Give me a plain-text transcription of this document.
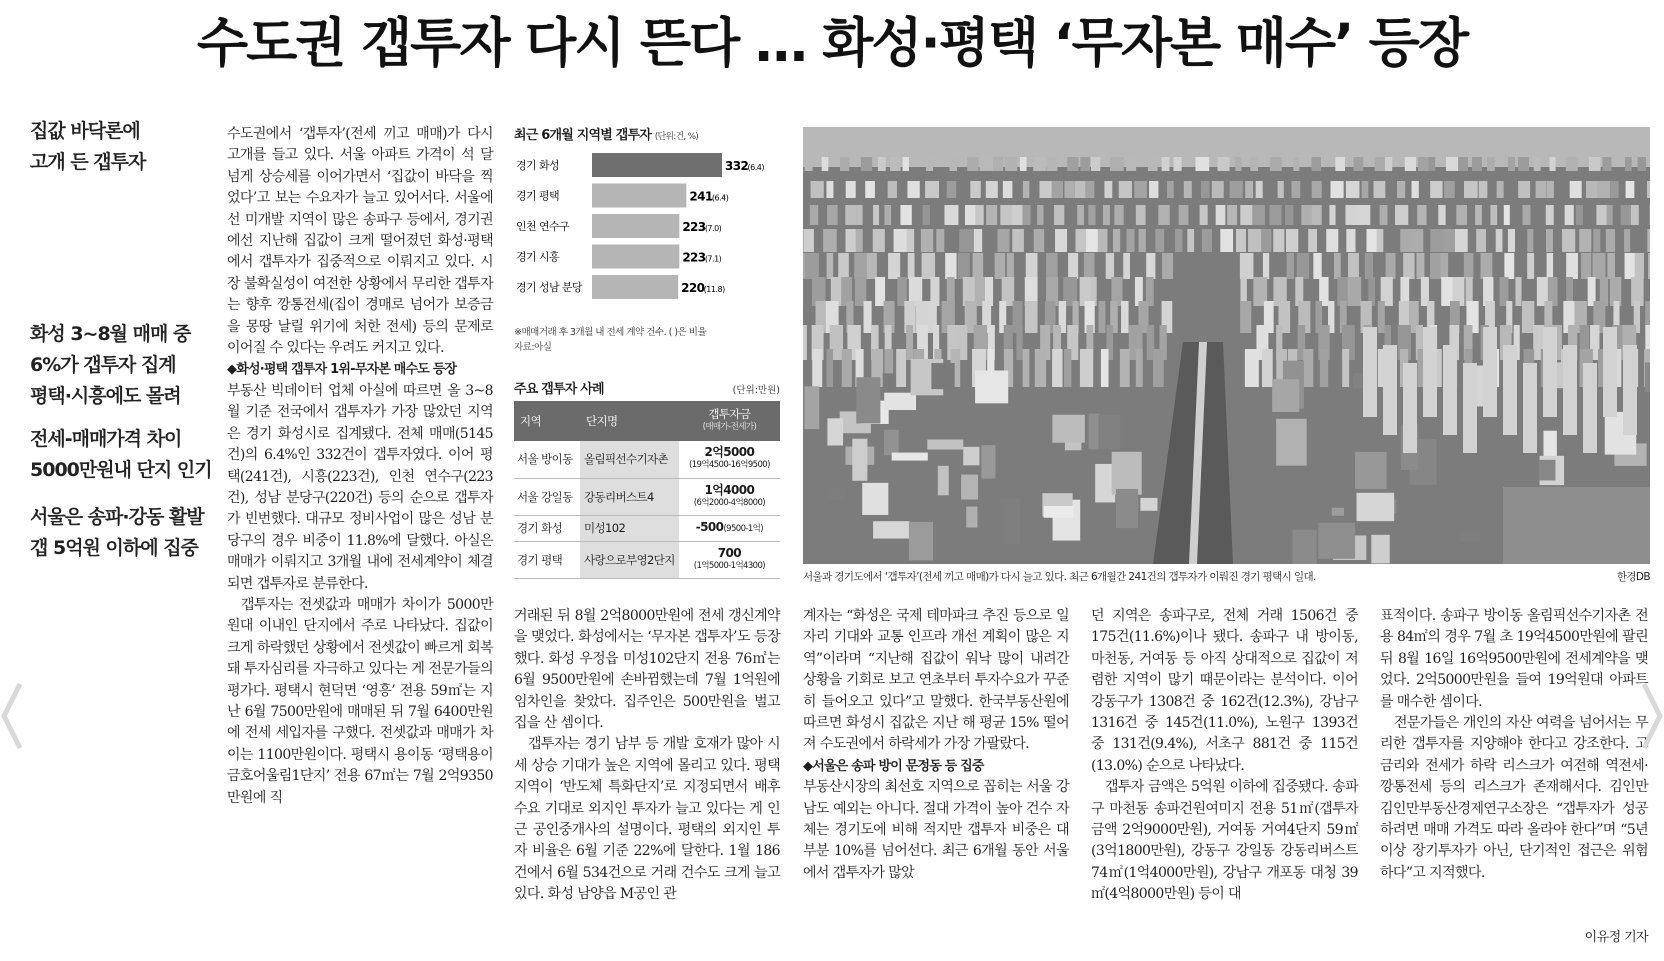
수도권 갭투자 다시 뜬다 … 화성·평택 ‘무자본 매수’ 등장
집값 바닥론에
고개 든 갭투자
화성 3~8월 매매 중
6%가 갭투자 집계
평택·시흥에도 몰려
전세-매매가격 차이
5000만원내 단지 인기
서울은 송파·강동 활발
갭 5억원 이하에 집중

수도권에서 ‘갭투자’(전세 끼고 매매)가 다시 고개를 들고 있다. 서울 아파트 가격이 석 달 넘게 상승세를 이어가면서 ‘집값이 바닥을 찍었다’고 보는 수요자가 늘고 있어서다. 서울에선 미개발 지역이 많은 송파구 등에서, 경기권에선 지난해 집값이 크게 떨어졌던 화성·평택에서 갭투자가 집중적으로 이뤄지고 있다. 시장 불확실성이 여전한 상황에서 무리한 갭투자는 향후 깡통전세(집이 경매로 넘어가 보증금을 몽땅 날릴 위기에 처한 전세) 등의 문제로 이어질 수 있다는 우려도 커지고 있다.

◆화성·평택 갭투자 1위-무자본 매수도 등장

부동산 빅데이터 업체 아실에 따르면 올 3~8월 기준 전국에서 갭투자가 가장 많았던 지역은 경기 화성시로 집계됐다. 전체 매매(5145건)의 6.4%인 332건이 갭투자였다. 이어 평택(241건), 시흥(223건), 인천 연수구(223건), 성남 분당구(220건) 등의 순으로 갭투자가 빈번했다. 대규모 정비사업이 많은 성남 분당구의 경우 비중이 11.8%에 달했다. 아실은 매매가 이뤄지고 3개월 내에 전세계약이 체결되면 갭투자로 분류한다.

갭투자는 전셋값과 매매가 차이가 5000만원대 이내인 단지에서 주로 나타났다. 집값이 크게 하락했던 상황에서 전셋값이 빠르게 회복돼 투자심리를 자극하고 있다는 게 전문가들의 평가다. 평택시 현덕면 ‘영흥’ 전용 59㎡는 지난 6월 7500만원에 매매된 뒤 7월 6400만원에 전세 세입자를 구했다. 전셋값과 매매가 차이는 1100만원이다. 평택시 용이동 ‘평택용이금호어울림1단지’ 전용 67㎡는 7월 2억9350만원에 직

거래된 뒤 8월 2억8000만원에 전세 갱신계약을 맺었다. 화성에서는 ‘무자본 갭투자’도 등장했다. 화성 우정읍 미성102단지 전용 76㎡는 6월 9500만원에 손바뀜했는데 7월 1억원에 임차인을 찾았다. 집주인은 500만원을 벌고 집을 산 셈이다.

갭투자는 경기 남부 등 개발 호재가 많아 시세 상승 기대가 높은 지역에 몰리고 있다. 평택 지역이 ‘반도체 특화단지’로 지정되면서 배후수요 기대로 외지인 투자가 늘고 있다는 게 인근 공인중개사의 설명이다. 평택의 외지인 투자 비율은 6월 기준 22%에 달한다. 1월 186건에서 6월 534건으로 거래 건수도 크게 늘고 있다. 화성 남양읍 M공인 관

계자는 “화성은 국제 테마파크 추진 등으로 일자리 기대와 교통 인프라 개선 계획이 많은 지역”이라며 “지난해 집값이 워낙 많이 내려간 상황을 기회로 보고 연초부터 투자수요가 꾸준히 들어오고 있다”고 말했다. 한국부동산원에 따르면 화성시 집값은 지난 해 평균 15% 떨어져 수도권에서 하락세가 가장 가팔랐다.

◆서울은 송파 방이 문정동 등 집중

부동산시장의 최선호 지역으로 꼽히는 서울 강남도 예외는 아니다. 절대 가격이 높아 건수 자체는 경기도에 비해 적지만 갭투자 비중은 대부분 10%를 넘어선다. 최근 6개월 동안 서울에서 갭투자가 많았

던 지역은 송파구로, 전체 거래 1506건 중 175건(11.6%)이나 됐다. 송파구 내 방이동, 마천동, 거여동 등 아직 상대적으로 집값이 저렴한 지역이 많기 때문이라는 분석이다. 이어 강동구가 1308건 중 162건(12.3%), 강남구 1316건 중 145건(11.0%), 노원구 1393건 중 131건(9.4%), 서초구 881건 중 115건(13.0%) 순으로 나타났다.

갭투자 금액은 5억원 이하에 집중됐다. 송파구 마천동 송파건원여미지 전용 51㎡(갭투자 금액 2억9000만원), 거여동 거여4단지 59㎡(3억1800만원), 강동구 강일동 강동리버스트 74㎡(1억4000만원), 강남구 개포동 대청 39㎡(4억8000만원) 등이 대

표적이다. 송파구 방이동 올림픽선수기자촌 전용 84㎡의 경우 7월 초 19억4500만원에 팔린 뒤 8월 16일 16억9500만원에 전세계약을 맺었다. 2억5000만원을 들여 19억원대 아파트를 매수한 셈이다.

전문가들은 개인의 자산 여력을 넘어서는 무리한 갭투자를 지양해야 한다고 강조한다. 고금리와 전세가 하락 리스크가 여전해 역전세·깡통전세 등의 리스크가 존재해서다. 김인만 김인만부동산경제연구소장은 “갭투자가 성공하려면 매매 가격도 따라 올라야 한다”며 “5년 이상 장기투자가 아닌, 단기적인 접근은 위험하다”고 지적했다.

이유정 기자
최근 6개월 지역별 갭투자 (단위:건, %)
경기 화성	332 (6.4)
경기 평택	241 (6.4)
인천 연수구	223 (7.0)
경기 시흥	223 (7.1)
경기 성남 분당	220 (11.8)
※매매거래 후 3개월 내 전세 계약 건수. ( )은 비율
자료:아실
주요 갭투자 사례	(단위:만원)
지역	단지명	갭투자금
(매매가-전세가)

서울 방이동	올림픽선수기자촌	2억5000
(19억4500-16억9500)

서울 강일동	강동리버스트4	1억4000
(6억2000-4억8000)

경기 화성	미성102	-500(9500-1억)
경기 평택	사랑으로부영2단지	700
(1억5000-1억4300)
서울과 경기도에서 ‘갭투자’(전세 끼고 매매)가 다시 늘고 있다. 최근 6개월간 241건의 갭투자가 이뤄진 경기 평택시 일대.	한경DB
